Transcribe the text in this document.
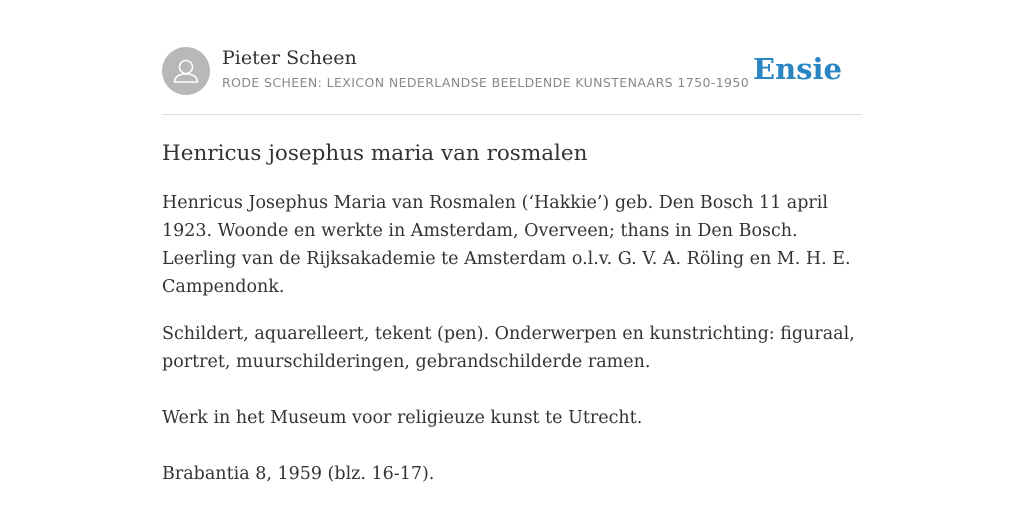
Pieter Scheen
RODE SCHEEN: LEXICON NEDERLANDSE BEELDENDE KUNSTENAARS 1750-1950 Ensie
Henricus josephus maria van rosmalen

Henricus Josephus Maria van Rosmalen (‘Hakkie’) geb. Den Bosch 11 april 1923. Woonde en werkte in Amsterdam, Overveen; thans in Den Bosch. Leerling van de Rijksakademie te Amsterdam o.l.v. G. V. A. Röling en M. H. E. Campendonk.

Schildert, aquarelleert, tekent (pen). Onderwerpen en kunstrichting: figuraal, portret, muurschilderingen, gebrandschilderde ramen.

Werk in het Museum voor religieuze kunst te Utrecht.

Brabantia 8, 1959 (blz. 16-17).
